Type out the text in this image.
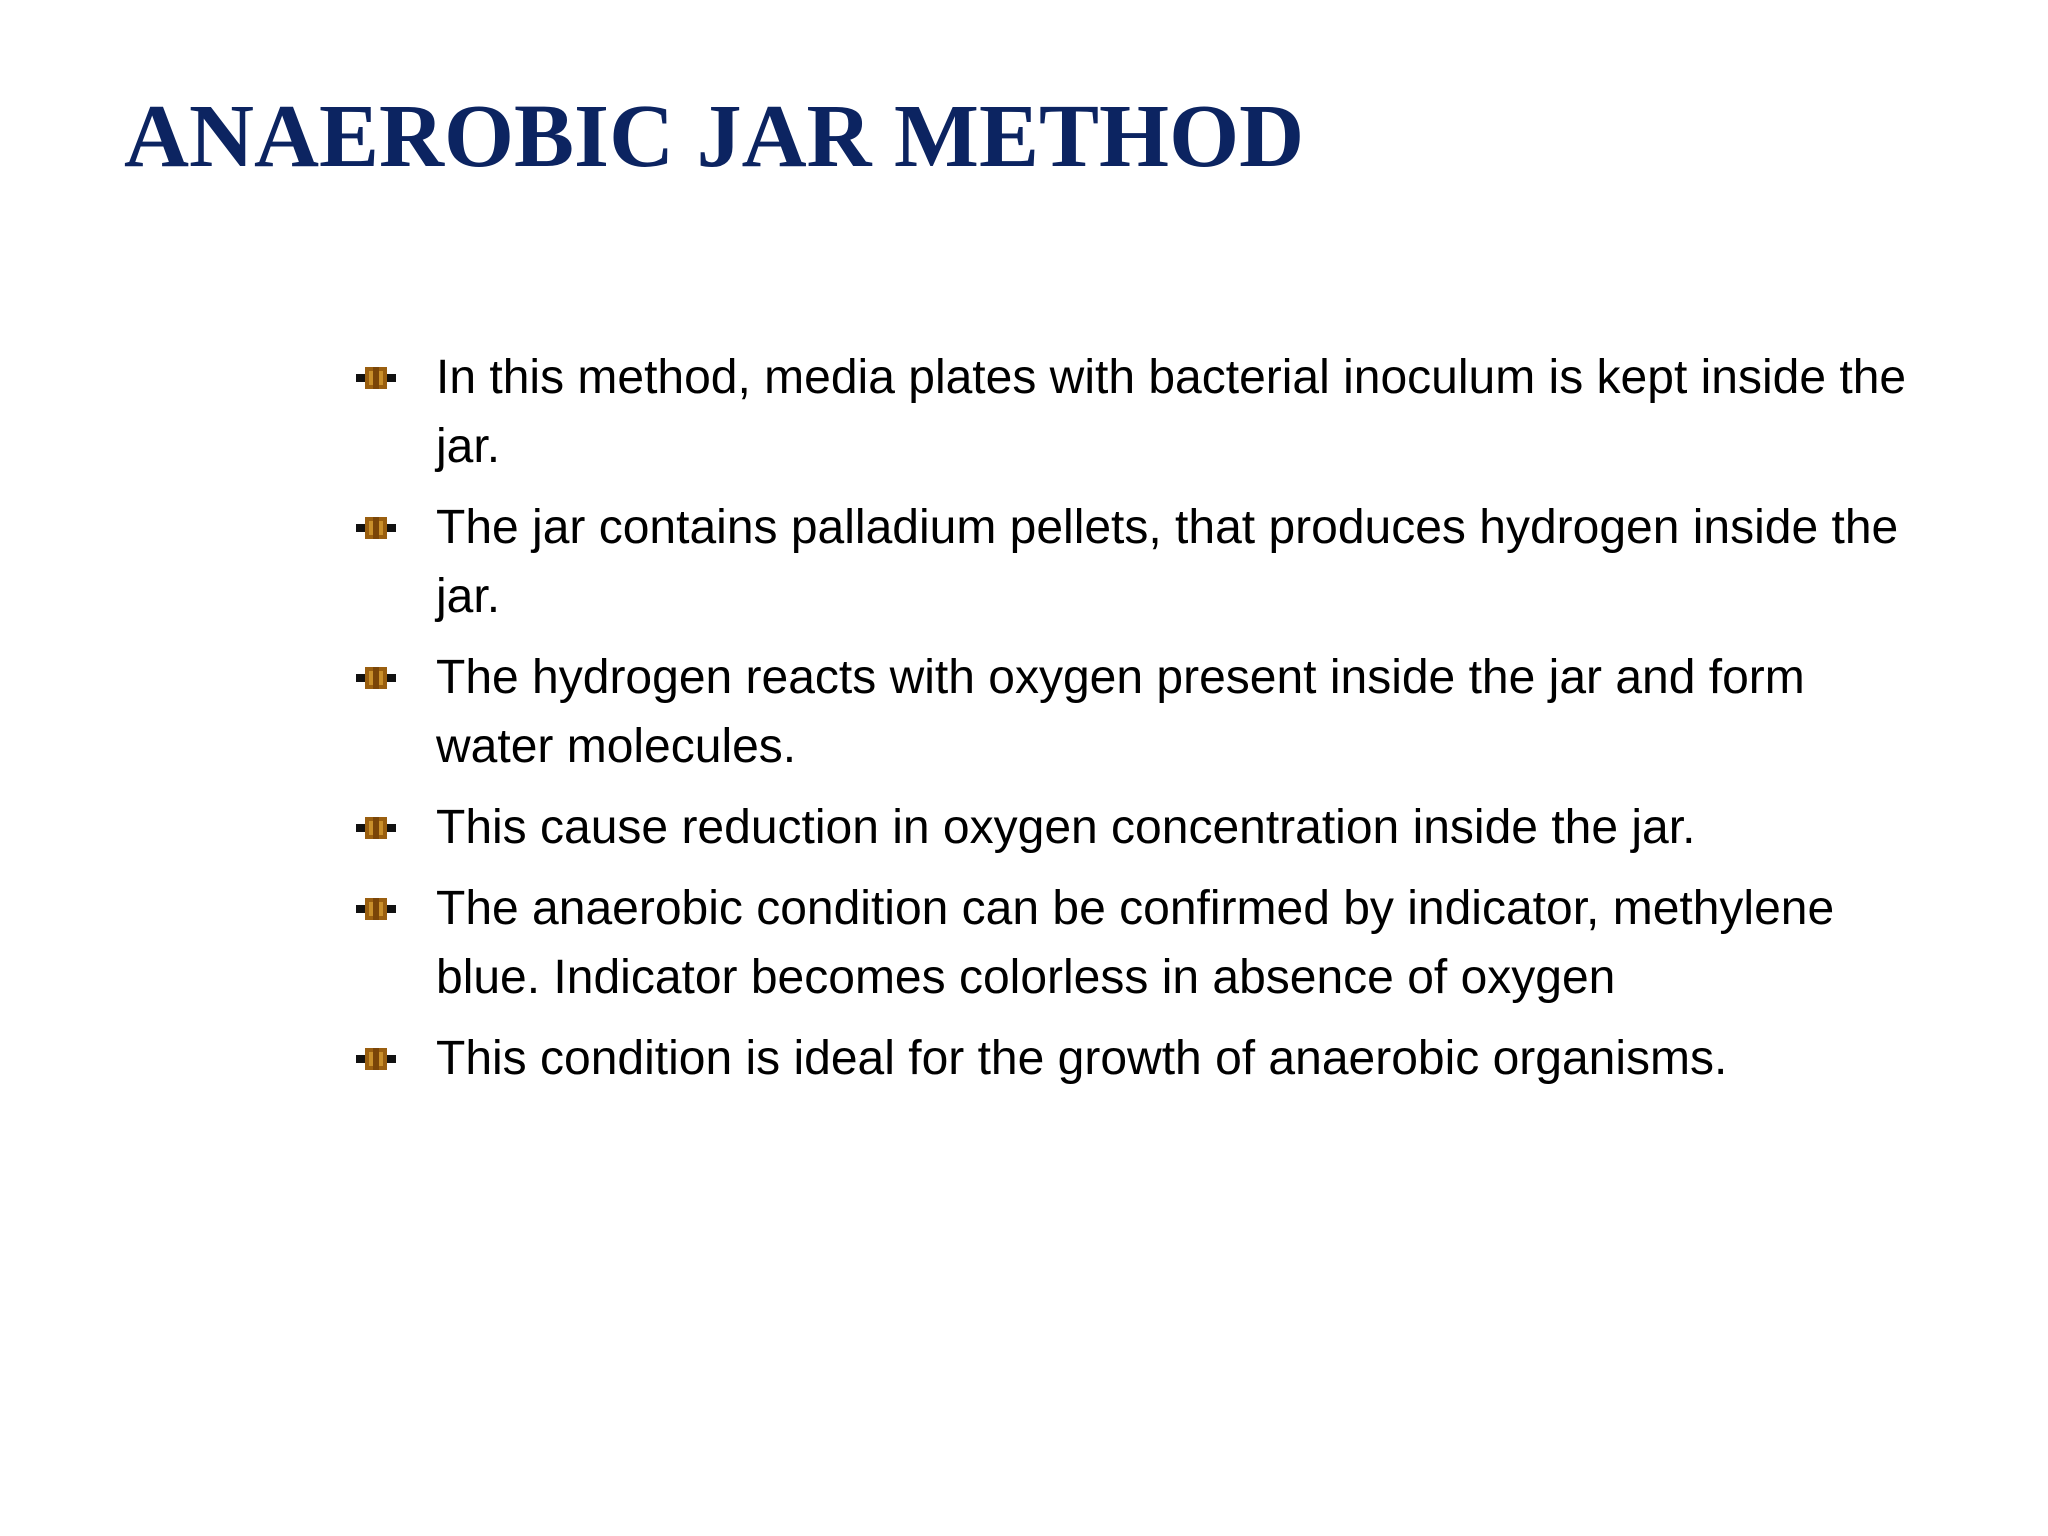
ANAEROBIC JAR METHOD
In this method, media plates with bacterial inoculum is kept inside the jar.
The jar contains palladium pellets, that produces hydrogen inside the jar.
The hydrogen reacts with oxygen present inside the jar and form water molecules.
This cause reduction in oxygen concentration inside the jar.
The anaerobic condition can be confirmed by indicator, methylene blue. Indicator becomes colorless in absence of oxygen
This condition is ideal for the growth of anaerobic organisms.
